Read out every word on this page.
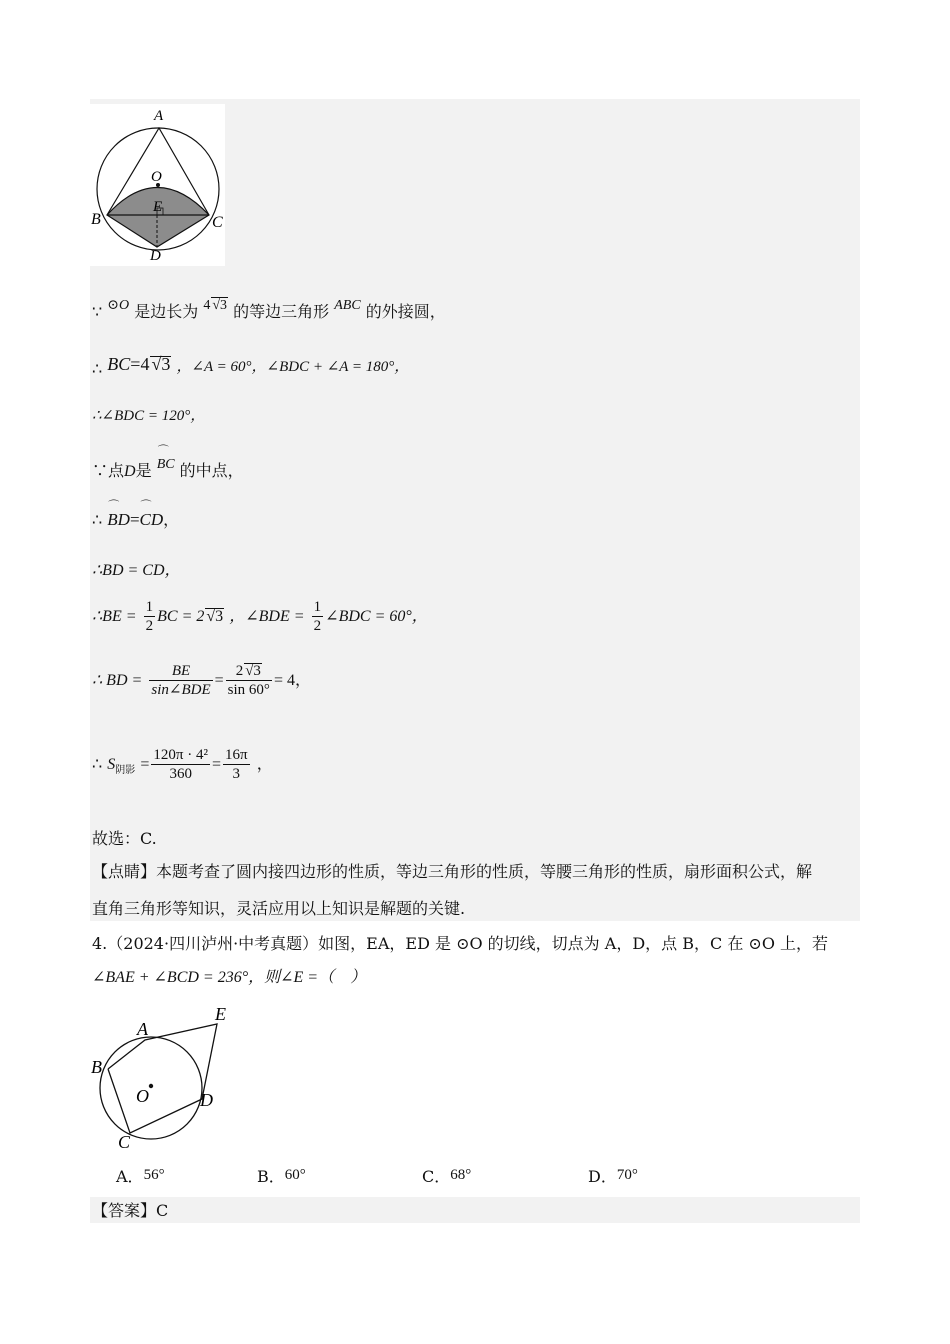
A
O
E
B	C
D
∵ ⊙O 是边长为 4 √3 的等边三角形 ABC 的外接圆，
∴ BC=4 √3 ，∠A = 60°，∠BDC + ∠A = 180°，
∴∠BDC = 120°，
∵点D是 ⌒ BC 的中点，
∴ ⌒ BD=⌒ CD，
∴BD = CD，
∴BE = $\frac{1}{2}$ BC = 2 √3 ，∠BDE = $\frac{1}{2}$ ∠BDC = 60°，
∴ BD = $\frac{BE}{\text{sin∠BDE}} = \frac{2 √3}{\sin 60^\circ} = 4$，
∴ $S_{阴影} = \frac{\text{120π · 4²}}{360} = \frac{16\pi}{3}$ ，
故选：C.
【点睛】本题考查了圆内接四边形的性质，等边三角形的性质，等腰三角形的性质，扇形面积公式，解
直角三角形等知识，灵活应用以上知识是解题的关键.
4.（2024·四川泸州·中考真题）如图，EA，ED 是 ⊙O 的切线，切点为 A，D，点 B，C 在 ⊙O 上，若
∠BAE + ∠BCD = 236°，则∠E =（　）
A
E
B
O	D
C
A．56°	B．60°	C．68°	D．70°
【答案】C
